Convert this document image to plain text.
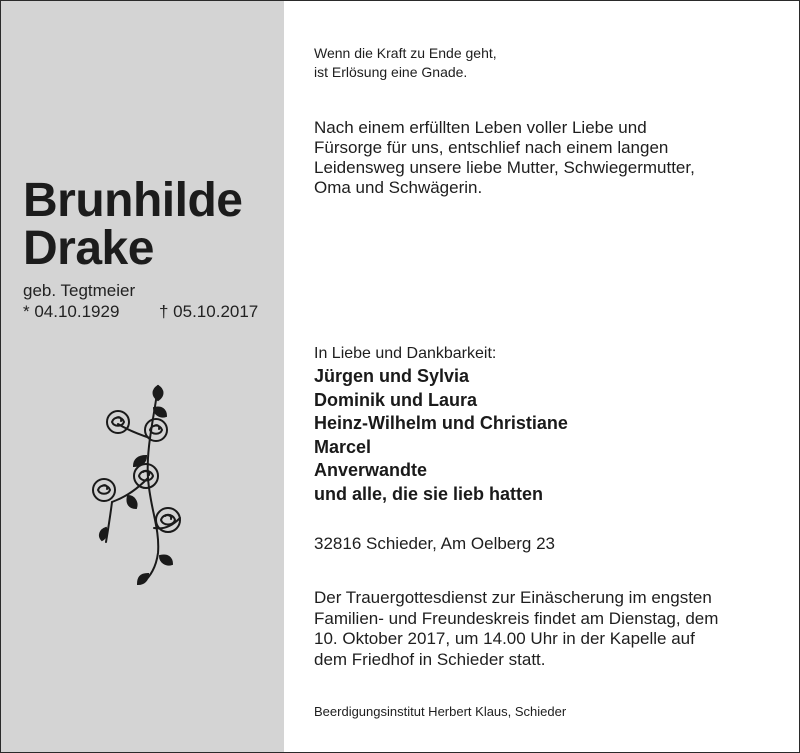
Brunhilde
Drake
geb. Tegtmeier
* 04.10.1929 † 05.10.2017
Wenn die Kraft zu Ende geht,
ist Erlösung eine Gnade.
Nach einem erfüllten Leben voller Liebe und
Fürsorge für uns, entschlief nach einem langen
Leidensweg unsere liebe Mutter, Schwiegermutter,
Oma und Schwägerin.
In Liebe und Dankbarkeit:
Jürgen und Sylvia
Dominik und Laura
Heinz-Wilhelm und Christiane
Marcel
Anverwandte
und alle, die sie lieb hatten
32816 Schieder, Am Oelberg 23
Der Trauergottesdienst zur Einäscherung im engsten
Familien- und Freundeskreis findet am Dienstag, dem
10. Oktober 2017, um 14.00 Uhr in der Kapelle auf
dem Friedhof in Schieder statt.
Beerdigungsinstitut Herbert Klaus, Schieder
